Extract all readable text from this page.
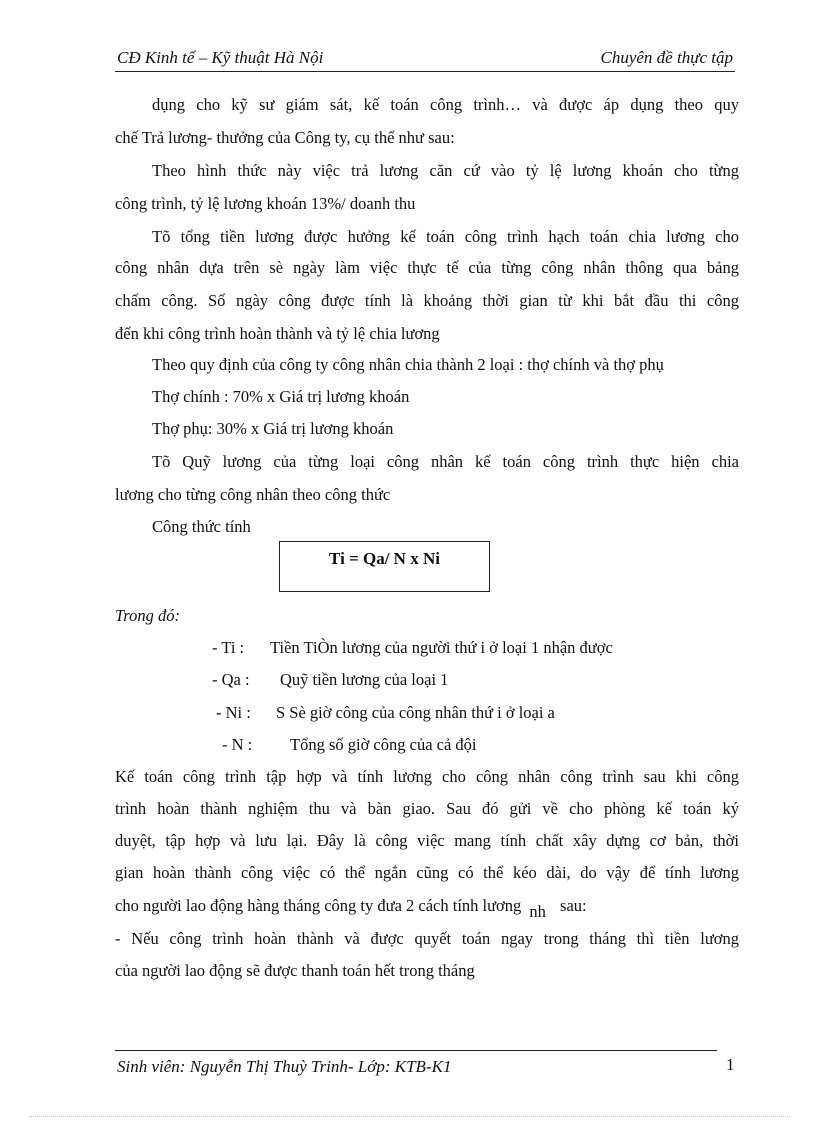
CĐ Kinh tế – Kỹ thuật Hà Nội	Chuyên đề thực tập
dụng cho kỹ sư giám sát, kế toán công trình… và được áp dụng theo quy
chế Trả lương- thưởng của Công ty, cụ thể như sau:
Theo hình thức này việc trả lương căn cứ vào tỷ lệ lương khoán cho từng
công trình, tỷ lệ lương khoán 13%/ doanh thu
Tõ tổng tiền lương được hưởng kế toán công trình hạch toán chia lương cho
công nhân dựa trên sè ngày làm việc thực tế của từng công nhân thông qua bảng
chấm công. Số ngày công được tính là khoảng thời gian từ khi bắt đầu thi công
đến khi công trình hoàn thành và tỷ lệ chia lương
Theo quy định của công ty công nhân chia thành 2 loại : thợ chính và thợ phụ
Thợ chính : 70% x Giá trị lương khoán
Thợ phụ: 30% x Giá trị lương khoán
Tõ Quỹ lương của từng loại công nhân kế toán công trình thực hiện chia
lương cho từng công nhân theo công thức
Công thức tính
Ti = Qa/ N x Ni
Trong đó:
- Ti : Tiền TiÒn lương của người thứ i ở loại 1 nhận được
- Qa : Quỹ tiền lương của loại 1
- Ni : S Sè giờ công của công nhân thứ i ở loại a
- N : Tổng số giờ công của cả đội
Kế toán công trình tập hợp và tính lương cho công nhân công trình sau khi công
trình hoàn thành nghiệm thu và bàn giao. Sau đó gửi về cho phòng kế toán ký
duyệt, tập hợp và lưu lại. Đây là công việc mang tính chất xây dựng cơ bản, thời
gian hoàn thành công việc có thể ngắn cũng có thể kéo dài, do vậy để tính lương
cho người lao động hàng tháng công ty đưa 2 cách tính lương nh sau:
- Nếu công trình hoàn thành và được quyết toán ngay trong tháng thì tiền lương
của người lao động sẽ được thanh toán hết trong tháng
Sinh viên: Nguyễn Thị Thuỳ Trinh- Lớp: KTB-K1	1
